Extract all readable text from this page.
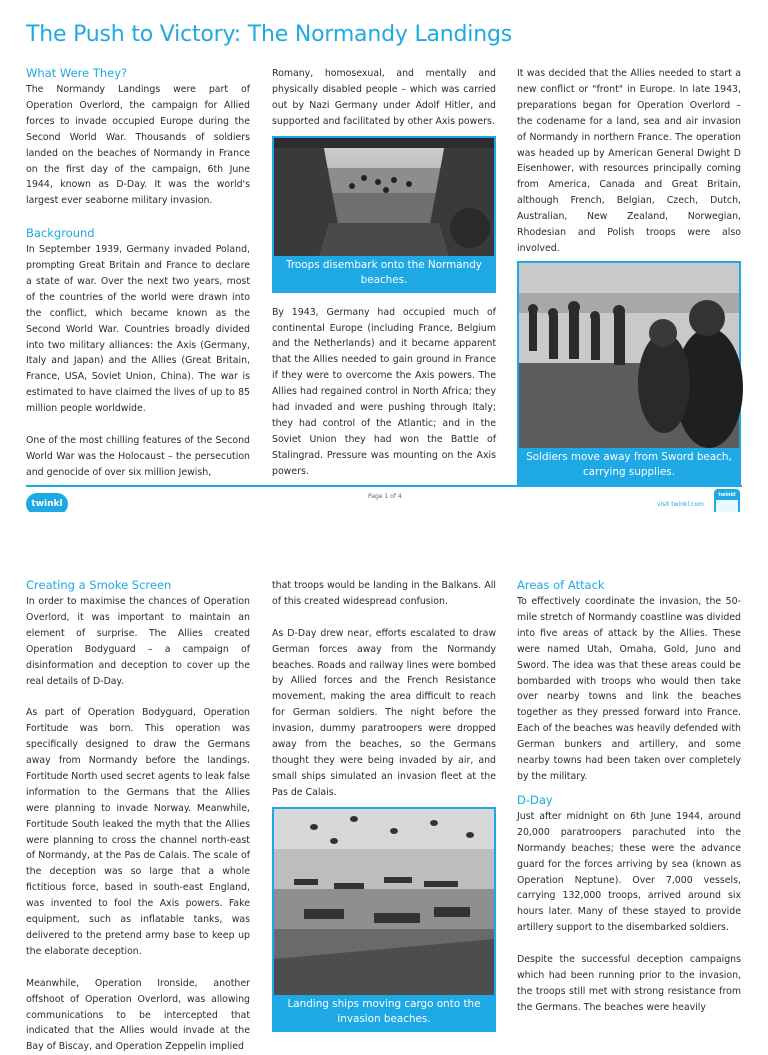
The Push to Victory: The Normandy Landings
What Were They?

The Normandy Landings were part of Operation Overlord, the campaign for Allied forces to invade occupied Europe during the Second World War. Thousands of soldiers landed on the beaches of Normandy in France on the first day of the campaign, 6th June 1944, known as D-Day. It was the world's largest ever seaborne military invasion.

Background

In September 1939, Germany invaded Poland, prompting Great Britain and France to declare a state of war. Over the next two years, most of the countries of the world were drawn into the conflict, which became known as the Second World War. Countries broadly divided into two military alliances: the Axis (Germany, Italy and Japan) and the Allies (Great Britain, France, USA, Soviet Union, China). The war is estimated to have claimed the lives of up to 85 million people worldwide.

One of the most chilling features of the Second World War was the Holocaust – the persecution and genocide of over six million Jewish,

Romany, homosexual, and mentally and physically disabled people – which was carried out by Nazi Germany under Adolf Hitler, and supported and facilitated by other Axis powers.

Troops disembark onto the Normandy beaches.

By 1943, Germany had occupied much of continental Europe (including France, Belgium and the Netherlands) and it became apparent that the Allies needed to gain ground in France if they were to overcome the Axis powers. The Allies had regained control in North Africa; they had invaded and were pushing through Italy; they had control of the Atlantic; and in the Soviet Union they had won the Battle of Stalingrad. Pressure was mounting on the Axis powers.

It was decided that the Allies needed to start a new conflict or "front" in Europe. In late 1943, preparations began for Operation Overlord – the codename for a land, sea and air invasion of Normandy in northern France. The operation was headed up by American General Dwight D Eisenhower, with resources principally coming from America, Canada and Great Britain, although French, Belgian, Czech, Dutch, Australian, New Zealand, Norwegian, Rhodesian and Polish troops were also involved.

Soldiers move away from Sword beach, carrying supplies.
twinkl
Page 1 of 4
visit twinkl.com
twinkl
Creating a Smoke Screen

In order to maximise the chances of Operation Overlord, it was important to maintain an element of surprise. The Allies created Operation Bodyguard – a campaign of disinformation and deception to cover up the real details of D-Day.

As part of Operation Bodyguard, Operation Fortitude was born. This operation was specifically designed to draw the Germans away from Normandy before the landings. Fortitude North used secret agents to leak false information to the Germans that the Allies were planning to invade Norway. Meanwhile, Fortitude South leaked the myth that the Allies were planning to cross the channel north-east of Normandy, at the Pas de Calais. The scale of the deception was so large that a whole fictitious force, based in south-east England, was invented to fool the Axis powers. Fake equipment, such as inflatable tanks, was delivered to the pretend army base to keep up the elaborate deception.

Meanwhile, Operation Ironside, another offshoot of Operation Overlord, was allowing communications to be intercepted that indicated that the Allies would invade at the Bay of Biscay, and Operation Zeppelin implied

that troops would be landing in the Balkans. All of this created widespread confusion.

As D-Day drew near, efforts escalated to draw German forces away from the Normandy beaches. Roads and railway lines were bombed by Allied forces and the French Resistance movement, making the area difficult to reach for German soldiers. The night before the invasion, dummy paratroopers were dropped away from the beaches, so the Germans thought they were being invaded by air, and small ships simulated an invasion fleet at the Pas de Calais.

Landing ships moving cargo onto the invasion beaches.
Areas of Attack

To effectively coordinate the invasion, the 50-mile stretch of Normandy coastline was divided into five areas of attack by the Allies. These were named Utah, Omaha, Gold, Juno and Sword. The idea was that these areas could be bombarded with troops who would then take over nearby towns and link the beaches together as they pressed forward into France. Each of the beaches was heavily defended with German bunkers and artillery, and some nearby towns had been taken over completely by the military.

D-Day

Just after midnight on 6th June 1944, around 20,000 paratroopers parachuted into the Normandy beaches; these were the advance guard for the forces arriving by sea (known as Operation Neptune). Over 7,000 vessels, carrying 132,000 troops, arrived around six hours later. Many of these stayed to provide artillery support to the disembarked soldiers.

Despite the successful deception campaigns which had been running prior to the invasion, the troops still met with strong resistance from the Germans. The beaches were heavily
